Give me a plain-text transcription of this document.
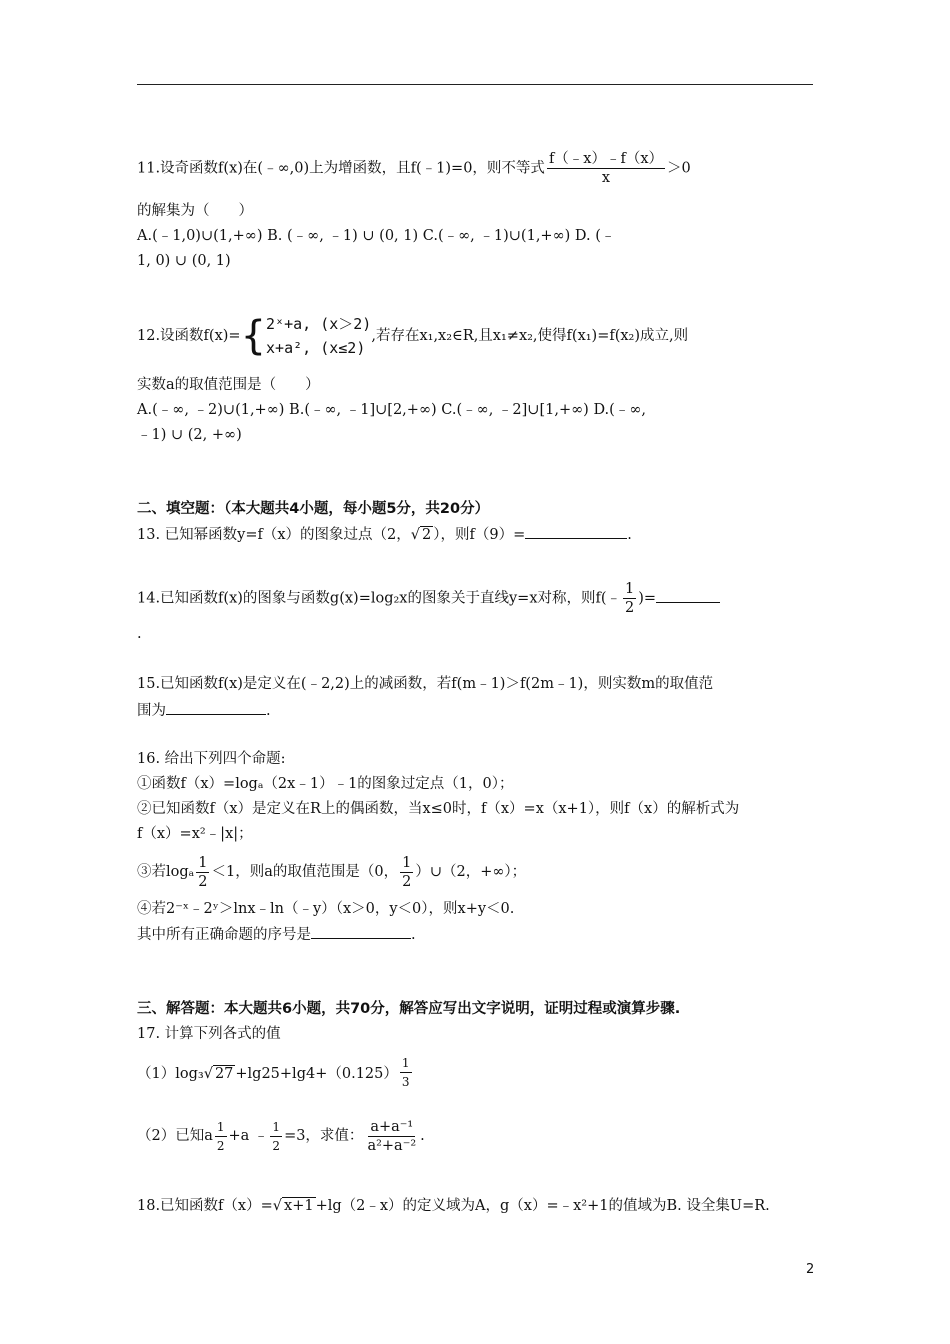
11.设奇函数f(x)在(﹣∞,0)上为增函数，且f(﹣1)=0，则不等式 $\frac{f(﹣x)﹣f(x)}{x} >0$
的解集为（　　）
A.(﹣1,0)∪(1,+∞) B. (﹣∞, ﹣1) ∪ (0, 1) C.(﹣∞, ﹣1)∪(1,+∞) D. (﹣
1, 0) ∪ (0, 1)
12.设函数f(x)={ 2ˣ+a, (x＞2)
x+a², (x≤2)
,若存在x₁,x₂∈R,且x₁≠x₂,使得f(x₁)=f(x₂)成立,则
实数a的取值范围是（　　）
A.(﹣∞, ﹣2)∪(1,+∞) B.(﹣∞, ﹣1]∪[2,+∞) C.(﹣∞, ﹣2]∪[1,+∞) D.(﹣∞,
﹣1) ∪ (2, +∞)
二、填空题：（本大题共4小题，每小题5分，共20分）
13. 已知幂函数y=f（x）的图象过点（2，√ 2 ），则f（9）=	.
14.已知函数f(x)的图象与函数g(x)=log₂x的图象关于直线y=x对称，则f(﹣ $\frac{1}{2}$ )=
.
15.已知函数f(x)是定义在(﹣2,2)上的减函数，若f(m﹣1)＞f(2m﹣1)，则实数m的取值范
围为	.
16. 给出下列四个命题:
①函数f（x）=logₐ（2x﹣1）﹣1的图象过定点（1，0）；
②已知函数f（x）是定义在R上的偶函数，当x≤0时，f（x）=x（x+1），则f（x）的解析式为
f（x）=x²﹣|x|；
③若logₐ $\frac{1}{2} <1$，则a的取值范围是（0， $\frac{1}{2}$ ）∪（2，+∞）；
④若2⁻ˣ﹣2ʸ＞lnx﹣ln（﹣y）（x＞0，y＜0），则x+y＜0.
其中所有正确命题的序号是	.
三、解答题：本大题共6小题，共70分，解答应写出文字说明，证明过程或演算步骤.
17. 计算下列各式的值
（1）log₃√ $27 +\lg 25+\lg 4+(0.125) \frac{1}{3}$
（2）已知a $\frac{1}{2} +a$ ﹣ $\frac{1}{2} =3$，求值： $\frac{\text{a+a⁻¹}}{\text{a²+a⁻²}}$ .
18.已知函数f（x）=√ x+1 +lg（2﹣x）的定义域为A，g（x）=﹣x²+1的值域为B. 设全集U=R.
2
